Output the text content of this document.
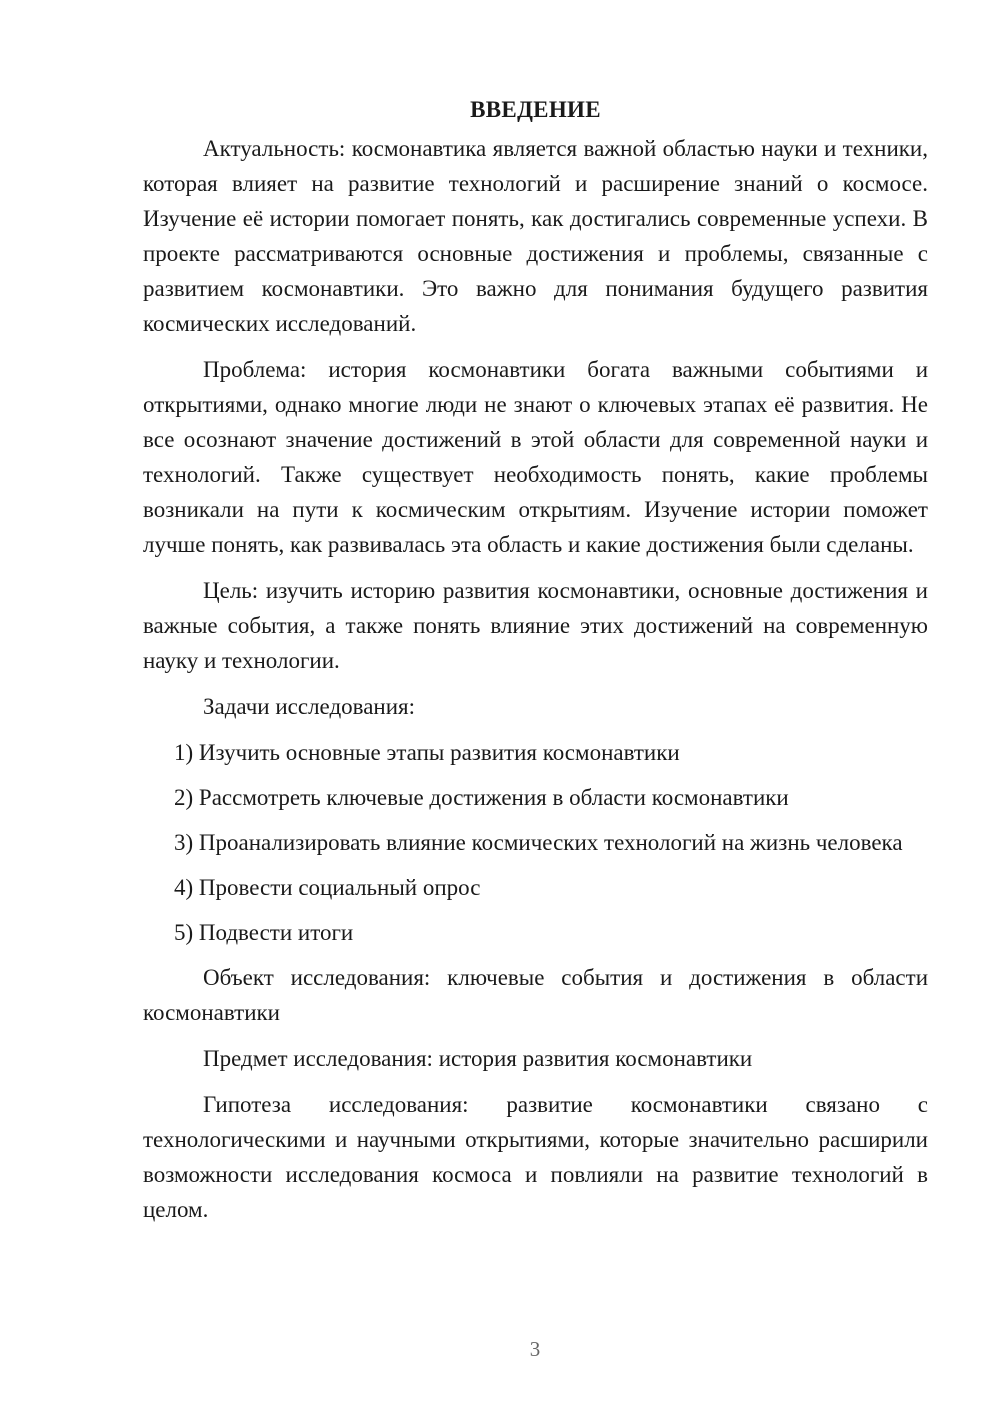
ВВЕДЕНИЕ

Актуальность: космонавтика является важной областью науки и техники, которая влияет на развитие технологий и расширение знаний о космосе. Изучение её истории помогает понять, как достигались современные успехи. В проекте рассматриваются основные достижения и проблемы, связанные с развитием космонавтики. Это важно для понимания будущего развития космических исследований.

Проблема: история космонавтики богата важными событиями и открытиями, однако многие люди не знают о ключевых этапах её развития. Не все осознают значение достижений в этой области для современной науки и технологий. Также существует необходимость понять, какие проблемы возникали на пути к космическим открытиям. Изучение истории поможет лучше понять, как развивалась эта область и какие достижения были сделаны.

Цель: изучить историю развития космонавтики, основные достижения и важные события, а также понять влияние этих достижений на современную науку и технологии.

Задачи исследования:

1) Изучить основные этапы развития космонавтики

2) Рассмотреть ключевые достижения в области космонавтики

3) Проанализировать влияние космических технологий на жизнь человека

4) Провести социальный опрос

5) Подвести итоги

Объект исследования: ключевые события и достижения в области космонавтики

Предмет исследования: история развития космонавтики

Гипотеза исследования: развитие космонавтики связано с технологическими и научными открытиями, которые значительно расширили возможности исследования космоса и повлияли на развитие технологий в целом.

3
